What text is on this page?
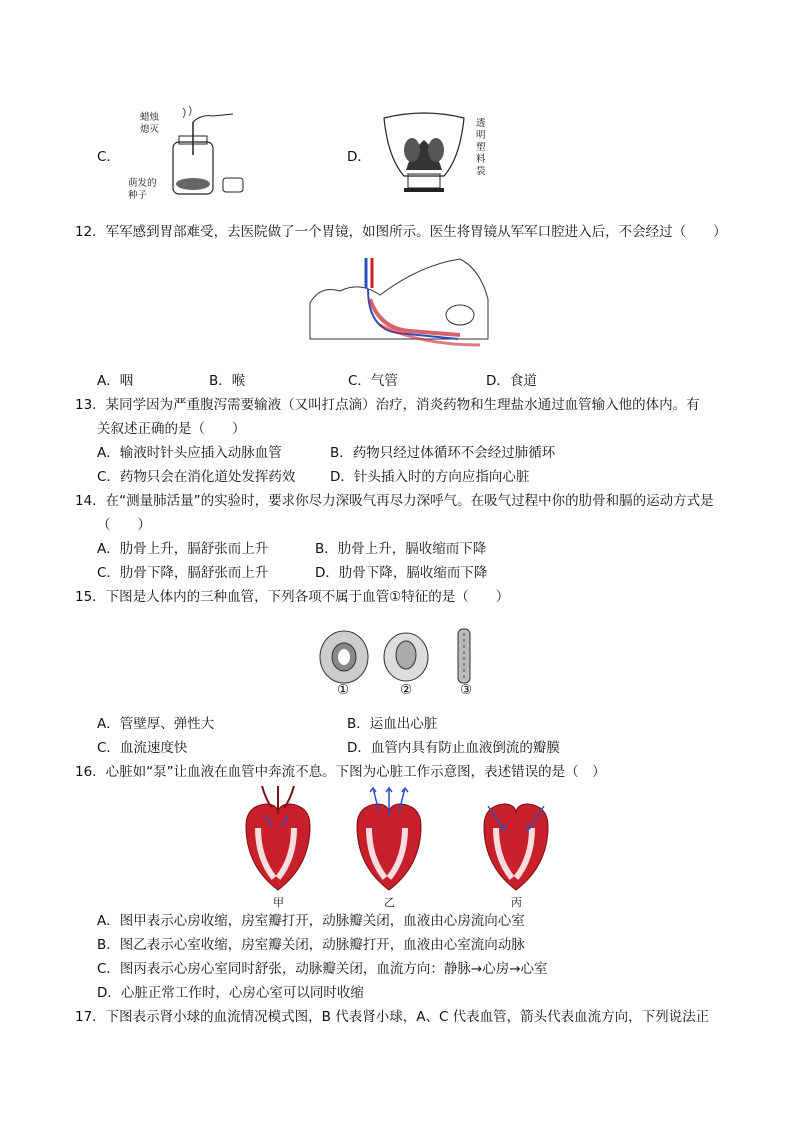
C．
蜡烛
熄灭
萌发的
种子
D．
透
明
塑
料
袋
12．军军感到胃部难受，去医院做了一个胃镜，如图所示。医生将胃镜从军军口腔进入后，不会经过（　　）
A．咽	B．喉	C．气管	D．食道
13．某同学因为严重腹泻需要输液（又叫打点滴）治疗，消炎药物和生理盐水通过血管输入他的体内。有
关叙述正确的是（　　）
A．输液时针头应插入动脉血管	B．药物只经过体循环不会经过肺循环
C．药物只会在消化道处发挥药效	D．针头插入时的方向应指向心脏
14．在“测量肺活量”的实验时，要求你尽力深吸气再尽力深呼气。在吸气过程中你的肋骨和膈的运动方式是
（　　）
A．肋骨上升，膈舒张而上升	B．肋骨上升，膈收缩而下降
C．肋骨下降，膈舒张而上升	D．肋骨下降，膈收缩而下降
15．下图是人体内的三种血管，下列各项不属于血管①特征的是（　　）
①	②	③
A．管壁厚、弹性大	B．运血出心脏
C．血流速度快	D．血管内具有防止血液倒流的瓣膜
16．心脏如“泵”让血液在血管中奔流不息。下图为心脏工作示意图，表述错误的是（　）
甲	乙	丙
A．图甲表示心房收缩，房室瓣打开，动脉瓣关闭，血液由心房流向心室
B．图乙表示心室收缩，房室瓣关闭，动脉瓣打开，血液由心室流向动脉
C．图丙表示心房心室同时舒张，动脉瓣关闭，血流方向：静脉→心房→心室
D．心脏正常工作时，心房心室可以同时收缩
17．下图表示肾小球的血流情况模式图，B 代表肾小球，A、C 代表血管，箭头代表血流方向，下列说法正
